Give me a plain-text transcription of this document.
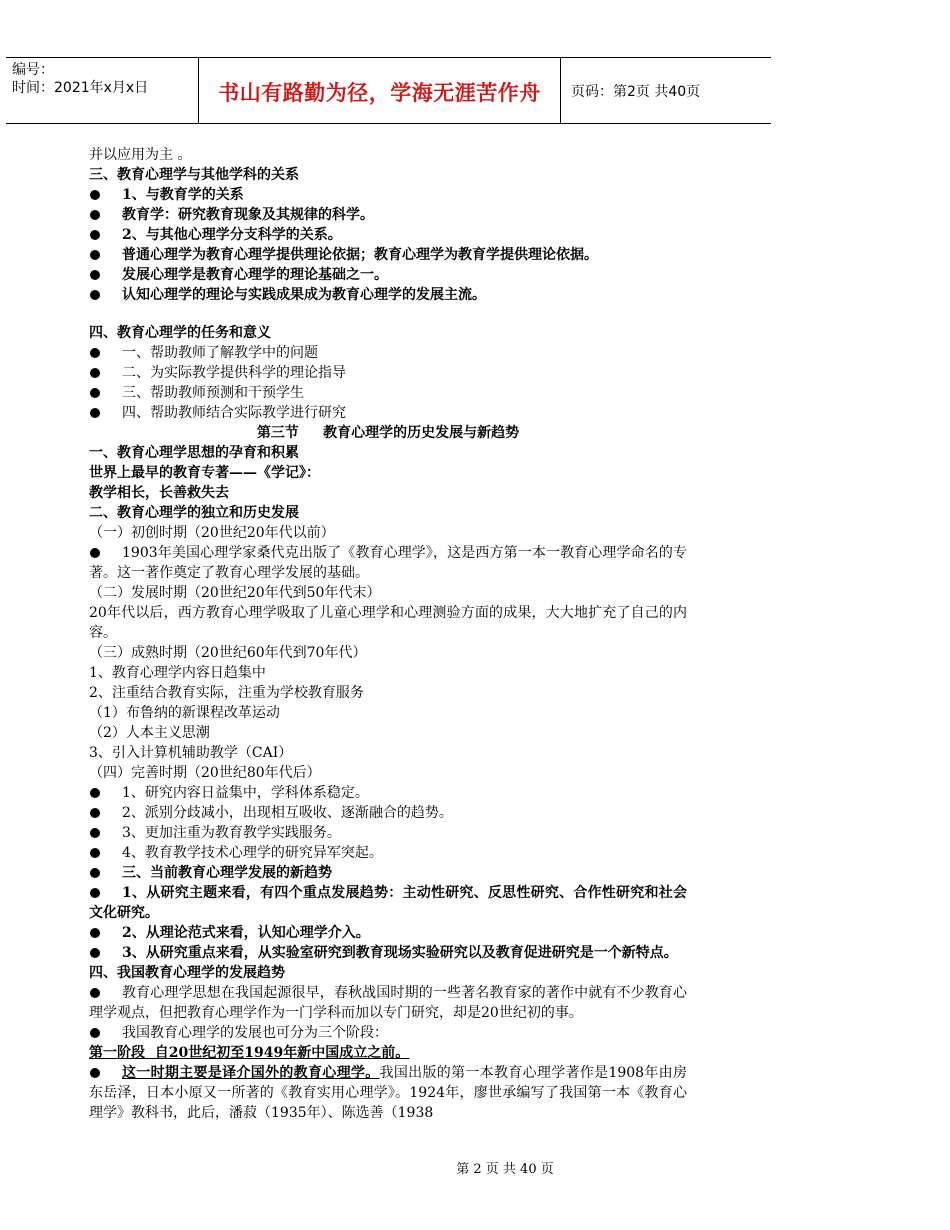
编号：
时间：2021年x月x日	书山有路勤为径，学海无涯苦作舟	页码：第2页 共40页
并以应用为主 。
三、教育心理学与其他学科的关系
1、与教育学的关系
教育学：研究教育现象及其规律的科学。
2、与其他心理学分支科学的关系。
普通心理学为教育心理学提供理论依据；教育心理学为教育学提供理论依据。
发展心理学是教育心理学的理论基础之一。
认知心理学的理论与实践成果成为教育心理学的发展主流。
四、教育心理学的任务和意义
一、帮助教师了解教学中的问题
二、为实际教学提供科学的理论指导
三、帮助教师预测和干预学生
四、帮助教师结合实际教学进行研究
第三节     教育心理学的历史发展与新趋势
一、教育心理学思想的孕育和积累
世界上最早的教育专著——《学记》：
教学相长，长善救失去
二、教育心理学的独立和历史发展
（一）初创时期（20世纪20年代以前）
1903年美国心理学家桑代克出版了《教育心理学》，这是西方第一本一教育心理学命名的专著。这一著作奠定了教育心理学发展的基础。
（二）发展时期（20世纪20年代到50年代末）
20年代以后，西方教育心理学吸取了儿童心理学和心理测验方面的成果，大大地扩充了自己的内容。
（三）成熟时期（20世纪60年代到70年代）
1、教育心理学内容日趋集中
2、注重结合教育实际，注重为学校教育服务
（1）布鲁纳的新课程改革运动
（2）人本主义思潮
3、引入计算机辅助教学（CAI）
（四）完善时期（20世纪80年代后）
1、研究内容日益集中，学科体系稳定。
2、派别分歧减小，出现相互吸收、逐渐融合的趋势。
3、更加注重为教育教学实践服务。
4、教育教学技术心理学的研究异军突起。
三、当前教育心理学发展的新趋势
1、从研究主题来看，有四个重点发展趋势：主动性研究、反思性研究、合作性研究和社会文化研究。
2、从理论范式来看，认知心理学介入。
3、从研究重点来看，从实验室研究到教育现场实验研究以及教育促进研究是一个新特点。
四、我国教育心理学的发展趋势
教育心理学思想在我国起源很早，春秋战国时期的一些著名教育家的著作中就有不少教育心理学观点，但把教育心理学作为一门学科而加以专门研究，却是20世纪初的事。
我国教育心理学的发展也可分为三个阶段：
第一阶段  自20世纪初至1949年新中国成立之前。
这一时期主要是译介国外的教育心理学。我国出版的第一本教育心理学著作是1908年由房东岳泽，日本小原又一所著的《教育实用心理学》。1924年，廖世承编写了我国第一本《教育心理学》教科书，此后，潘菽（1935年）、陈选善（1938
第 2 页 共 40 页
